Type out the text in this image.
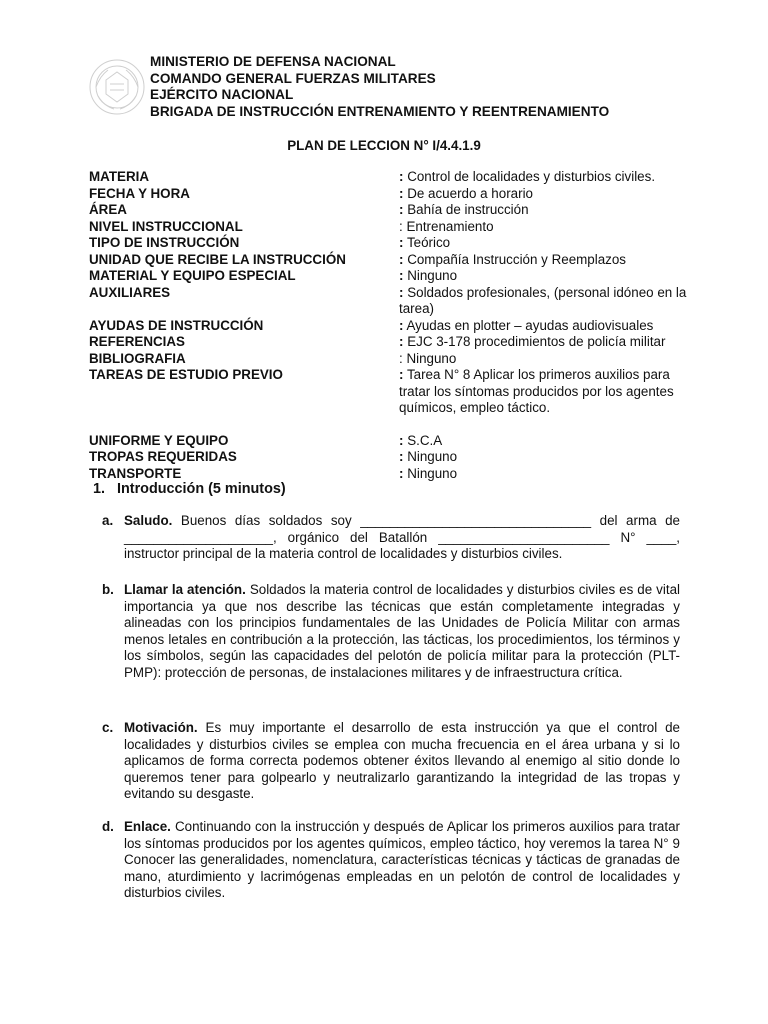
MINISTERIO DE DEFENSA NACIONAL
COMANDO GENERAL FUERZAS MILITARES
EJÉRCITO NACIONAL
BRIGADA DE INSTRUCCIÓN ENTRENAMIENTO Y REENTRENAMIENTO
PLAN DE LECCION N° I/4.4.1.9
MATERIA	: Control de localidades y disturbios civiles.
FECHA Y HORA	: De acuerdo a horario
ÁREA	: Bahía de instrucción
NIVEL INSTRUCCIONAL	: Entrenamiento
TIPO DE INSTRUCCIÓN	: Teórico
UNIDAD QUE RECIBE LA INSTRUCCIÓN	: Compañía Instrucción y Reemplazos
MATERIAL Y EQUIPO ESPECIAL	: Ninguno
AUXILIARES	: Soldados profesionales, (personal idóneo en la tarea)
AYUDAS DE INSTRUCCIÓN	: Ayudas en plotter – ayudas audiovisuales
REFERENCIAS	: EJC 3-178 procedimientos de policía militar
BIBLIOGRAFIA	: Ninguno
TAREAS DE ESTUDIO PREVIO	: Tarea N° 8 Aplicar los primeros auxilios para tratar los síntomas producidos por los agentes químicos, empleo táctico.
UNIFORME Y EQUIPO	: S.C.A
TROPAS REQUERIDAS	: Ninguno
TRANSPORTE	: Ninguno
1. Introducción (5 minutos)
a. Saludo. Buenos días soldados soy _______________________________ del arma de ____________________, orgánico del Batallón _______________________ N° ____, instructor principal de la materia control de localidades y disturbios civiles.
b. Llamar la atención. Soldados la materia control de localidades y disturbios civiles es de vital importancia ya que nos describe las técnicas que están completamente integradas y alineadas con los principios fundamentales de las Unidades de Policía Militar con armas menos letales en contribución a la protección, las tácticas, los procedimientos, los términos y los símbolos, según las capacidades del pelotón de policía militar para la protección (PLT-PMP): protección de personas, de instalaciones militares y de infraestructura crítica.
c. Motivación. Es muy importante el desarrollo de esta instrucción ya que el control de localidades y disturbios civiles se emplea con mucha frecuencia en el área urbana y si lo aplicamos de forma correcta podemos obtener éxitos llevando al enemigo al sitio donde lo queremos tener para golpearlo y neutralizarlo garantizando la integridad de las tropas y evitando su desgaste.
d. Enlace. Continuando con la instrucción y después de Aplicar los primeros auxilios para tratar los síntomas producidos por los agentes químicos, empleo táctico, hoy veremos la tarea N° 9 Conocer las generalidades, nomenclatura, características técnicas y tácticas de granadas de mano, aturdimiento y lacrimógenas empleadas en un pelotón de control de localidades y disturbios civiles.
